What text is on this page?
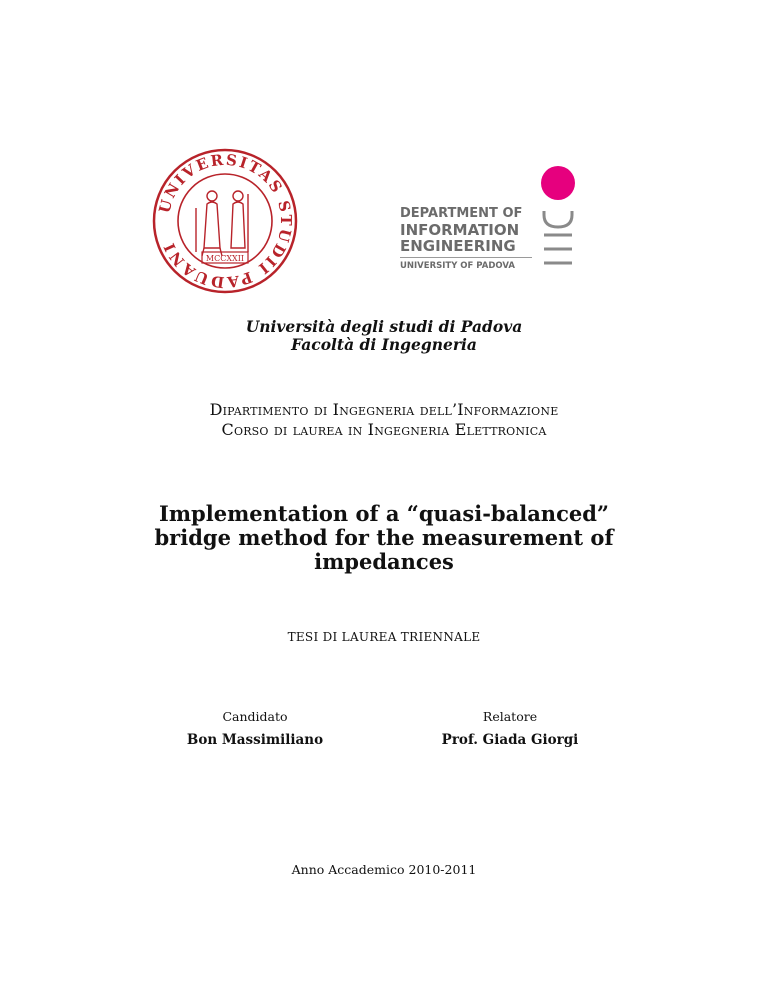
UNIVERSITAS STUDII PADUANI
MCCXXII
DEPARTMENT OF
INFORMATION
ENGINEERING
UNIVERSITY OF PADOVA
Università degli studi di Padova
Facoltà di Ingegneria
Dipartimento di Ingegneria dell’Informazione
Corso di laurea in Ingegneria Elettronica
Implementation of a “quasi-balanced”
bridge method for the measurement of
impedances
TESI DI LAUREA TRIENNALE
Candidato
Bon Massimiliano
Relatore
Prof. Giada Giorgi
Anno Accademico 2010-2011
